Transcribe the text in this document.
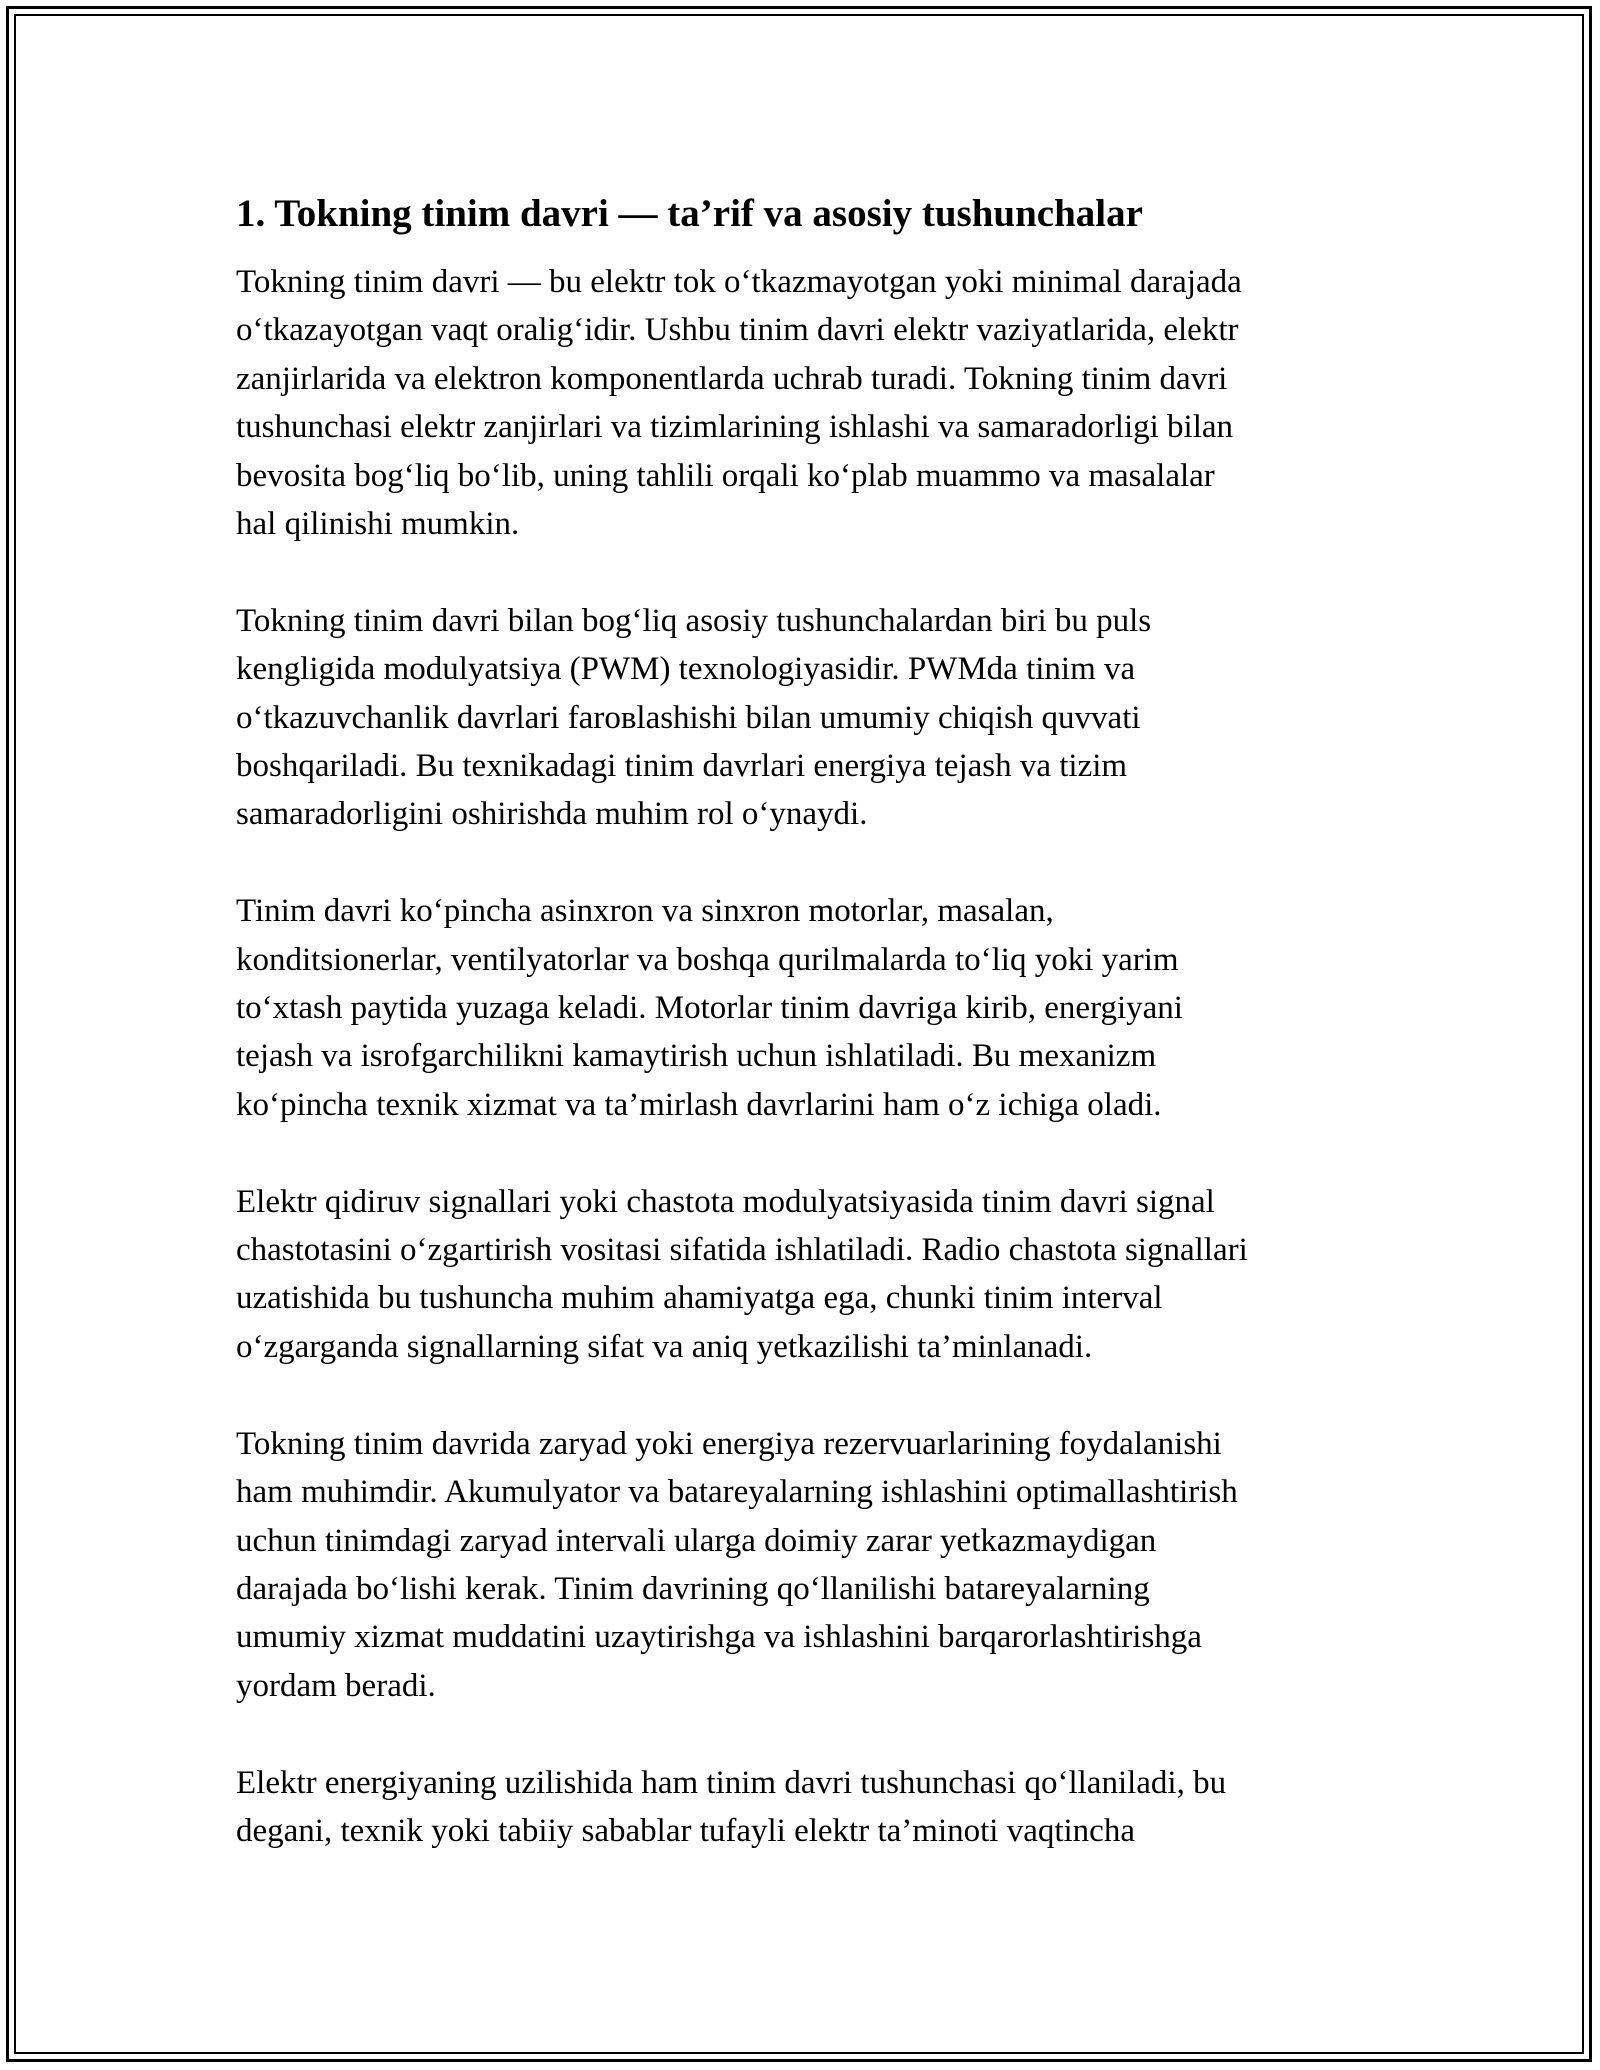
1. Tokning tinim davri — ta’rif va asosiy tushunchalar

Tokning tinim davri — bu elektr tok o‘tkazmayotgan yoki minimal darajada
o‘tkazayotgan vaqt oralig‘idir. Ushbu tinim davri elektr vaziyatlarida, elektr
zanjirlarida va elektron komponentlarda uchrab turadi. Tokning tinim davri
tushunchasi elektr zanjirlari va tizimlarining ishlashi va samaradorligi bilan
bevosita bog‘liq bo‘lib, uning tahlili orqali ko‘plab muammo va masalalar
hal qilinishi mumkin.

Tokning tinim davri bilan bog‘liq asosiy tushunchalardan biri bu puls
kengligida modulyatsiya (PWM) texnologiyasidir. PWMda tinim va
o‘tkazuvchanlik davrlari faroвlashishi bilan umumiy chiqish quvvati
boshqariladi. Bu texnikadagi tinim davrlari energiya tejash va tizim
samaradorligini oshirishda muhim rol o‘ynaydi.

Tinim davri ko‘pincha asinxron va sinxron motorlar, masalan,
konditsionerlar, ventilyatorlar va boshqa qurilmalarda to‘liq yoki yarim
to‘xtash paytida yuzaga keladi. Motorlar tinim davriga kirib, energiyani
tejash va isrofgarchilikni kamaytirish uchun ishlatiladi. Bu mexanizm
ko‘pincha texnik xizmat va ta’mirlash davrlarini ham o‘z ichiga oladi.

Elektr qidiruv signallari yoki chastota modulyatsiyasida tinim davri signal
chastotasini o‘zgartirish vositasi sifatida ishlatiladi. Radio chastota signallari
uzatishida bu tushuncha muhim ahamiyatga ega, chunki tinim interval
o‘zgarganda signallarning sifat va aniq yetkazilishi ta’minlanadi.

Tokning tinim davrida zaryad yoki energiya rezervuarlarining foydalanishi
ham muhimdir. Akumulyator va batareyalarning ishlashini optimallashtirish
uchun tinimdagi zaryad intervali ularga doimiy zarar yetkazmaydigan
darajada bo‘lishi kerak. Tinim davrining qo‘llanilishi batareyalarning
umumiy xizmat muddatini uzaytirishga va ishlashini barqarorlashtirishga
yordam beradi.

Elektr energiyaning uzilishida ham tinim davri tushunchasi qo‘llaniladi, bu
degani, texnik yoki tabiiy sabablar tufayli elektr ta’minoti vaqtincha
